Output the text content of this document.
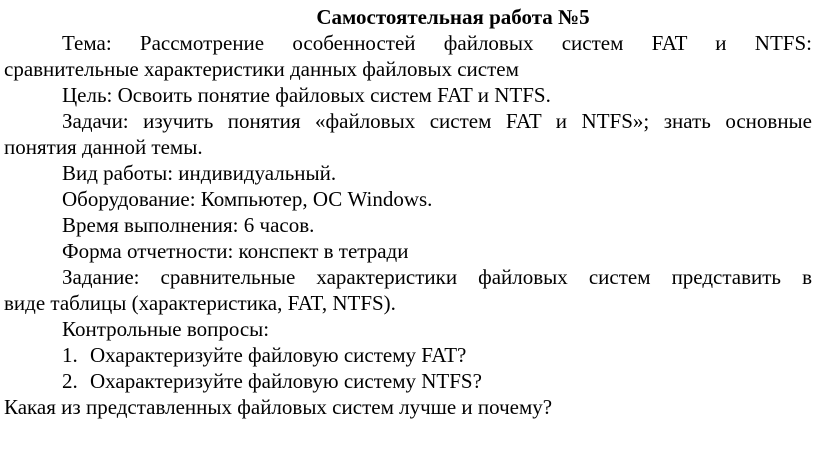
Самостоятельная работа №5

Тема: Рассмотрение особенностей файловых систем FAT и NTFS:

сравнительные характеристики данных файловых систем

Цель: Освоить понятие файловых систем FAT и NTFS.

Задачи: изучить понятия «файловых систем FAT и NTFS»; знать основные

понятия данной темы.

Вид работы: индивидуальный.

Оборудование: Компьютер, ОС Windows.

Время выполнения: 6 часов.

Форма отчетности: конспект в тетради

Задание: сравнительные характеристики файловых систем представить в

виде таблицы (характеристика, FAT, NTFS).

Контрольные вопросы:

1. Охарактеризуйте файловую систему FAT?
2. Охарактеризуйте файловую систему NTFS?

Какая из представленных файловых систем лучше и почему?
